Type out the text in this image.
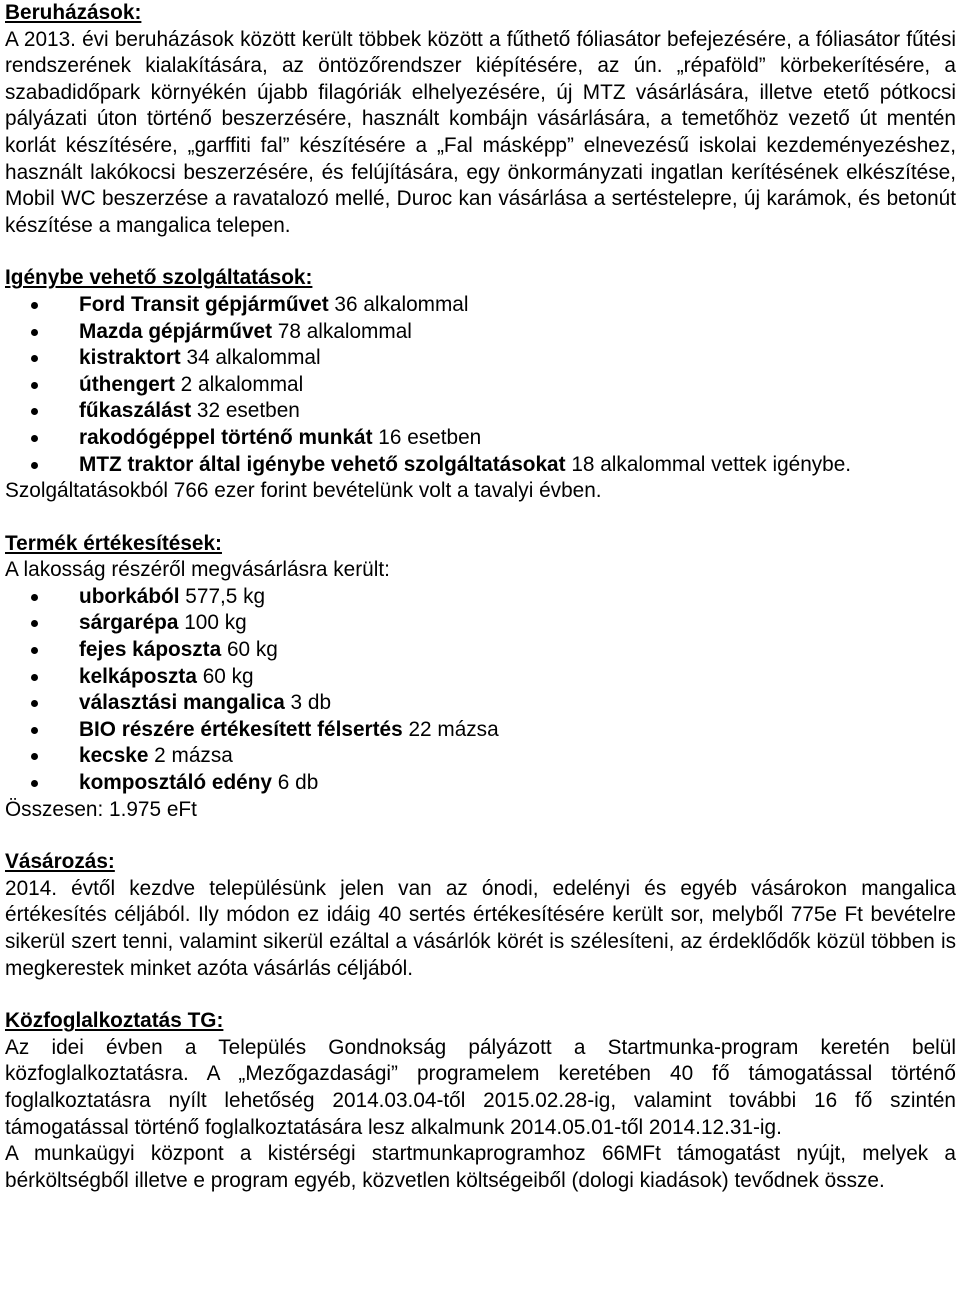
Beruházások:

A 2013. évi beruházások között került többek között a fűthető fóliasátor befejezésére, a fóliasátor fűtési rendszerének kialakítására, az öntözőrendszer kiépítésére, az ún. „répaföld” körbekerítésére, a szabadidőpark környékén újabb filagóriák elhelyezésére, új MTZ vásárlására, illetve etető pótkocsi pályázati úton történő beszerzésére, használt kombájn vásárlására, a temetőhöz vezető út mentén korlát készítésére, „garffiti fal” készítésére a „Fal másképp” elnevezésű iskolai kezdeményezéshez, használt lakókocsi beszerzésére, és felújítására, egy önkormányzati ingatlan kerítésének elkészítése, Mobil WC beszerzése a ravatalozó mellé, Duroc kan vásárlása a sertéstelepre, új karámok, és betonút készítése a mangalica telepen.

Igénybe vehető szolgáltatások:
Ford Transit gépjárművet 36 alkalommal
Mazda gépjárművet 78 alkalommal
kistraktort 34 alkalommal
úthengert 2 alkalommal
fűkaszálást 32 esetben
rakodógéppel történő munkát 16 esetben
MTZ traktor által igénybe vehető szolgáltatásokat 18 alkalommal vettek igénybe.

Szolgáltatásokból 766 ezer forint bevételünk volt a tavalyi évben.

Termék értékesítések:

A lakosság részéről megvásárlásra került:

uborkából 577,5 kg
sárgarépa 100 kg
fejes káposzta 60 kg
kelkáposzta 60 kg
választási mangalica 3 db
BIO részére értékesített félsertés 22 mázsa
kecske 2 mázsa
komposztáló edény 6 db

Összesen: 1.975 eFt

Vásározás:

2014. évtől kezdve településünk jelen van az ónodi, edelényi és egyéb vásárokon mangalica értékesítés céljából. Ily módon ez idáig 40 sertés értékesítésére került sor, melyből 775e Ft bevételre sikerül szert tenni, valamint sikerül ezáltal a vásárlók körét is szélesíteni, az érdeklődők közül többen is megkerestek minket azóta vásárlás céljából.

Közfoglalkoztatás TG:

Az idei évben a Település Gondnokság pályázott a Startmunka-program keretén belül közfoglalkoztatásra. A „Mezőgazdasági” programelem keretében 40 fő támogatással történő foglalkoztatásra nyílt lehetőség 2014.03.04-től 2015.02.28-ig, valamint további 16 fő szintén támogatással történő foglalkoztatására lesz alkalmunk 2014.05.01-től 2014.12.31-ig.

A munkaügyi központ a kistérségi startmunkaprogramhoz 66MFt támogatást nyújt, melyek a bérköltségből illetve e program egyéb, közvetlen költségeiből (dologi kiadások) tevődnek össze.
